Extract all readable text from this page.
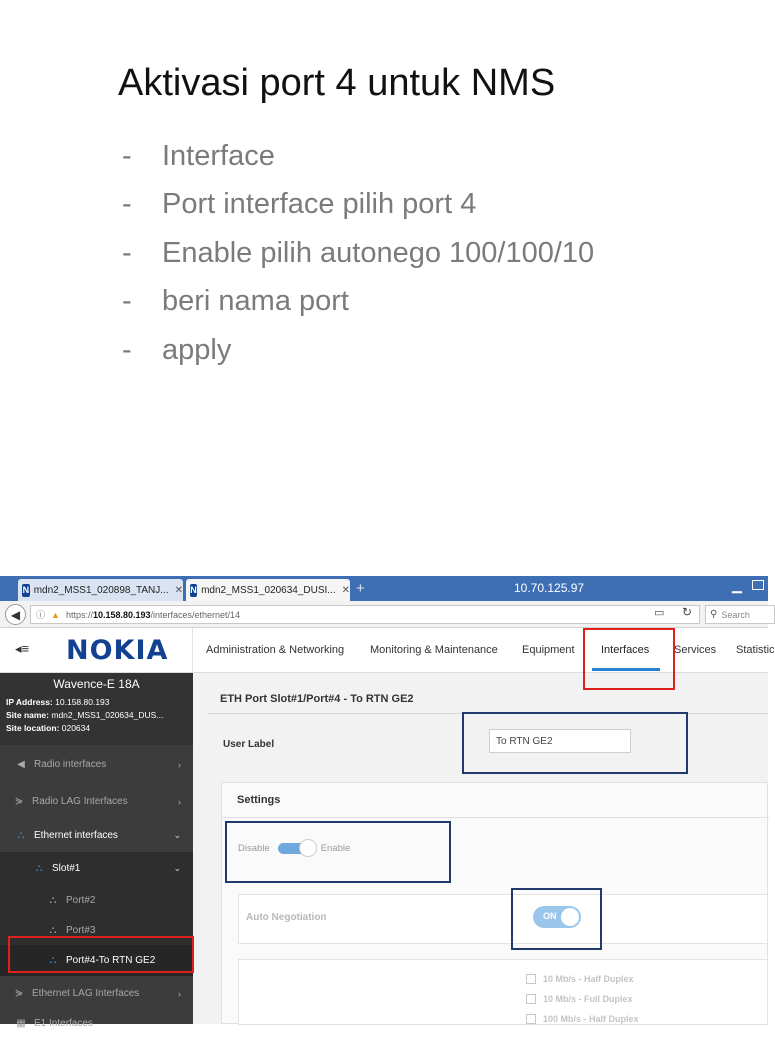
Aktivasi port 4 untuk NMS
-	Interface
-	Port interface pilih port 4
-	Enable pilih autonego 100/100/10
-	beri nama port
-	apply
N mdn2_MSS1_020898_TANJ... ✕ N mdn2_MSS1_020634_DUSI... ✕ +	10.70.125.97	▁
◀	ⓘ ▲ https://10.158.80.193/interfaces/ethernet/14	▭ ↻ ⚲ Search
◂≡ NOKIA	Administration & Networking Monitoring & Maintenance Equipment Interfaces Services Statistic
Wavence-E 18A
IP Address: 10.158.80.193
Site name: mdn2_MSS1_020634_DUS...
Site location: 020634
◀ Radio interfaces	›
⋟ Radio LAG Interfaces	›
⛬ Ethernet interfaces	⌄
⛬ Slot#1	⌄
⛬ Port#2
⛬ Port#3
⛬ Port#4-To RTN GE2
⋟ Ethernet LAG Interfaces	›
▦ E1 Interfaces
ETH Port Slot#1/Port#4 - To RTN GE2
User Label	To RTN GE2
Settings
Disable	Enable
Auto Negotiation	ON
10 Mb/s - Half Duplex
10 Mb/s - Full Duplex
100 Mb/s - Half Duplex
